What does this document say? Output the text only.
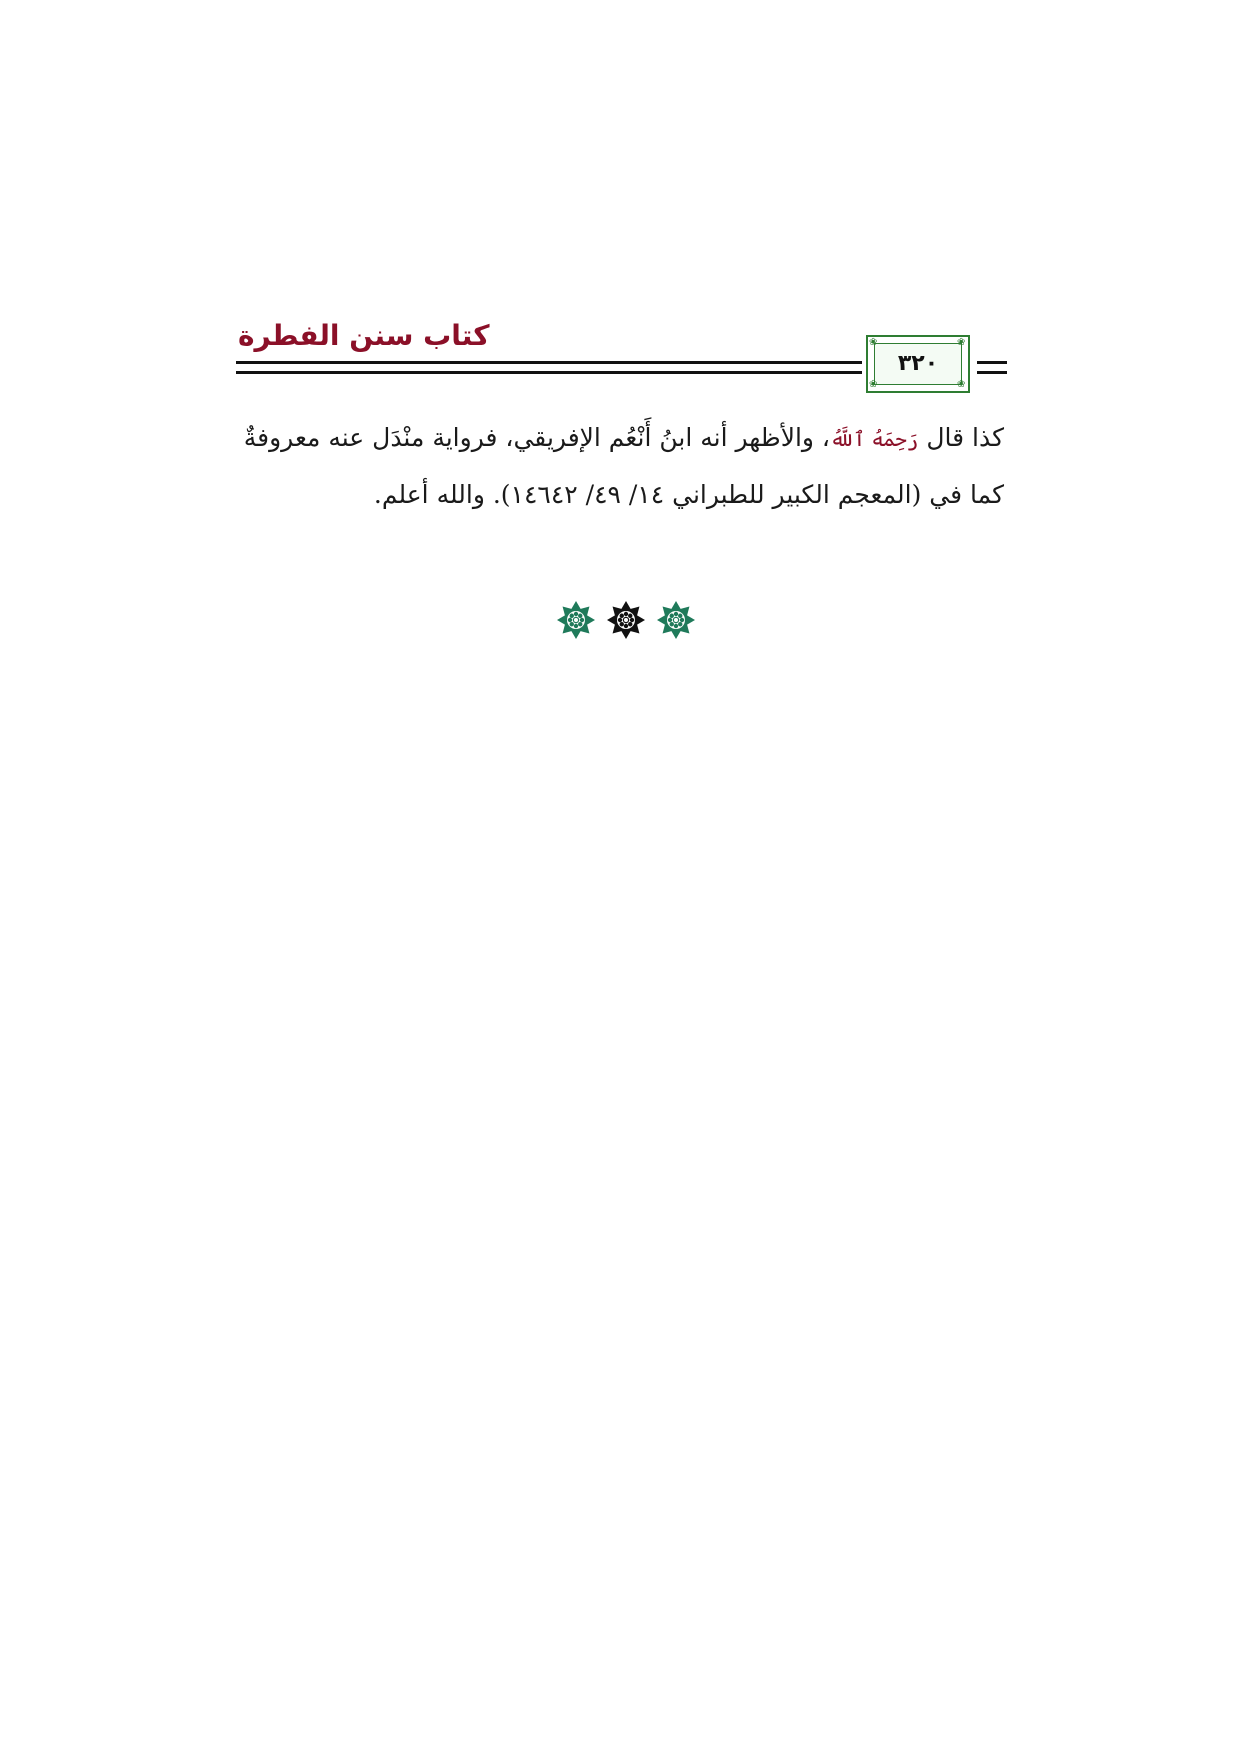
كتاب سنن الفطرة	❀	❀
❀	❀
٣٢٠

كذا قال رَحِمَهُ ٱللَّهُ، والأظهر أنه ابنُ أَنْعُم الإفريقي، فرواية منْدَل عنه معروفةٌ

كما في (المعجم الكبير للطبراني ١٤/ ٤٩/ ١٤٦٤٢). والله أعلم.
